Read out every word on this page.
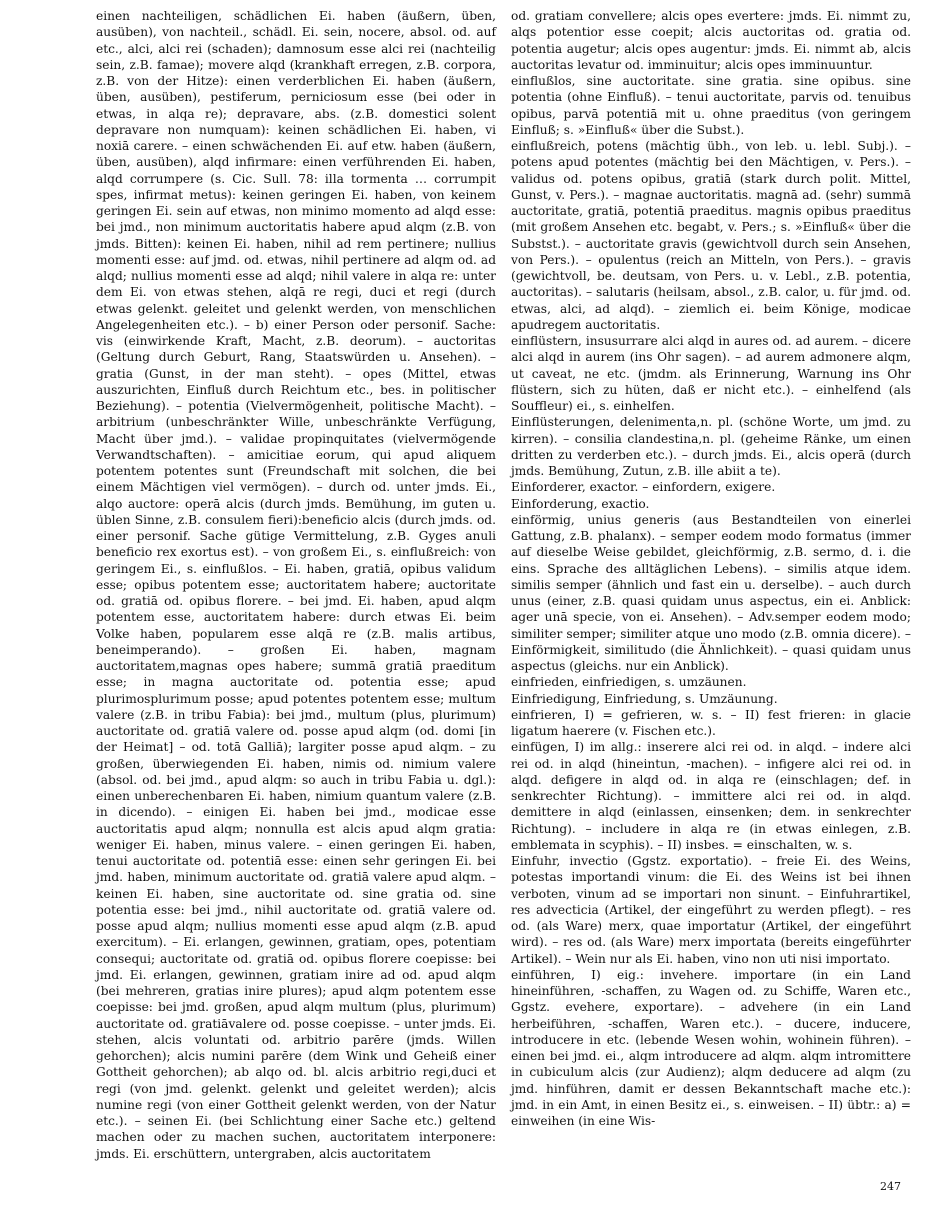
einen nachteiligen, schädlichen Ei. haben (äußern, üben, ausüben), von nachteil., schädl. Ei. sein, nocere, absol. od. auf etc., alci, alci rei (schaden); damnosum esse alci rei (nachteilig sein, z.B. famae); movere alqd (krankhaft erregen, z.B. corpora, z.B. von der Hitze): einen verderblichen Ei. haben (äußern, üben, ausüben), pestiferum, perniciosum esse (bei oder in etwas, in alqa re); depravare, abs. (z.B. domestici solent depravare non numquam): keinen schädlichen Ei. haben, vi noxiā carere. – einen schwächenden Ei. auf etw. haben (äußern, üben, ausüben), alqd infirmare: einen verführenden Ei. haben, alqd corrumpere (s. Cic. Sull. 78: illa tormenta … corrumpit spes, infirmat metus): keinen geringen Ei. haben, von keinem geringen Ei. sein auf etwas, non minimo momento ad alqd esse: bei jmd., non minimum auctoritatis habere apud alqm (z.B. von jmds. Bitten): keinen Ei. haben, nihil ad rem pertinere; nullius momenti esse: auf jmd. od. etwas, nihil pertinere ad alqm od. ad alqd; nullius momenti esse ad alqd; nihil valere in alqa re: unter dem Ei. von etwas stehen, alqā re regi, duci et regi (durch etwas gelenkt. geleitet und gelenkt werden, von menschlichen Angelegenheiten etc.). – b) einer Person oder personif. Sache: vis (einwirkende Kraft, Macht, z.B. deorum). – auctoritas (Geltung durch Geburt, Rang, Staatswürden u. Ansehen). – gratia (Gunst, in der man steht). – opes (Mittel, etwas auszurichten, Einfluß durch Reichtum etc., bes. in politischer Beziehung). – potentia (Vielvermögenheit, politische Macht). – arbitrium (unbeschränkter Wille, unbeschränkte Verfügung, Macht über jmd.). – validae propinquitates (vielvermögende Verwandtschaften). – amicitiae eorum, qui apud aliquem potentem potentes sunt (Freundschaft mit solchen, die bei einem Mächtigen viel vermögen). – durch od. unter jmds. Ei., alqo auctore: operā alcis (durch jmds. Bemühung, im guten u. üblen Sinne, z.B. consulem fieri):beneficio alcis (durch jmds. od. einer personif. Sache gütige Vermittelung, z.B. Gyges anuli beneficio rex exortus est). – von großem Ei., s. einflußreich: von geringem Ei., s. einflußlos. – Ei. haben, gratiā, opibus validum esse; opibus potentem esse; auctoritatem habere; auctoritate od. gratiā od. opibus florere. – bei jmd. Ei. haben, apud alqm potentem esse, auctoritatem habere: durch etwas Ei. beim Volke haben, popularem esse alqā re (z.B. malis artibus, beneimperando). – großen Ei. haben, magnam auctoritatem,magnas opes habere; summā gratiā praeditum esse; in magna auctoritate od. potentia esse; apud plurimosplurimum posse; apud potentes potentem esse; multum valere (z.B. in tribu Fabia): bei jmd., multum (plus, plurimum) auctoritate od. gratiā valere od. posse apud alqm (od. domi [in der Heimat] – od. totā Galliā); largiter posse apud alqm. – zu großen, überwiegenden Ei. haben, nimis od. nimium valere (absol. od. bei jmd., apud alqm: so auch in tribu Fabia u. dgl.): einen unberechenbaren Ei. haben, nimium quantum valere (z.B. in dicendo). – einigen Ei. haben bei jmd., modicae esse auctoritatis apud alqm; nonnulla est alcis apud alqm gratia: weniger Ei. haben, minus valere. – einen geringen Ei. haben, tenui auctoritate od. potentiā esse: einen sehr geringen Ei. bei jmd. haben, minimum auctoritate od. gratiā valere apud alqm. – keinen Ei. haben, sine auctoritate od. sine gratia od. sine potentia esse: bei jmd., nihil auctoritate od. gratiā valere od. posse apud alqm; nullius momenti esse apud alqm (z.B. apud exercitum). – Ei. erlangen, gewinnen, gratiam, opes, potentiam consequi; auctoritate od. gratiā od. opibus florere coepisse: bei jmd. Ei. erlangen, gewinnen, gratiam inire ad od. apud alqm (bei mehreren, gratias inire plures); apud alqm potentem esse coepisse: bei jmd. großen, apud alqm multum (plus, plurimum) auctoritate od. gratiāvalere od. posse coepisse. – unter jmds. Ei. stehen, alcis voluntati od. arbitrio parēre (jmds. Willen gehorchen); alcis numini parēre (dem Wink und Geheiß einer Gottheit gehorchen); ab alqo od. bl. alcis arbitrio regi,duci et regi (von jmd. gelenkt. gelenkt und geleitet werden); alcis numine regi (von einer Gottheit gelenkt werden, von der Natur etc.). – seinen Ei. (bei Schlichtung einer Sache etc.) geltend machen oder zu machen suchen, auctoritatem interponere: jmds. Ei. erschüttern, untergraben, alcis auctoritatem

od. gratiam convellere; alcis opes evertere: jmds. Ei. nimmt zu, alqs potentior esse coepit; alcis auctoritas od. gratia od. potentia augetur; alcis opes augentur: jmds. Ei. nimmt ab, alcis auctoritas levatur od. imminuitur; alcis opes imminuuntur.

einflußlos, sine auctoritate. sine gratia. sine opibus. sine potentia (ohne Einfluß). – tenui auctoritate, parvis od. tenuibus opibus, parvā potentiā mit u. ohne praeditus (von geringem Einfluß; s. »Einfluß« über die Subst.).

einflußreich, potens (mächtig übh., von leb. u. lebl. Subj.). – potens apud potentes (mächtig bei den Mächtigen, v. Pers.). – validus od. potens opibus, gratiā (stark durch polit. Mittel, Gunst, v. Pers.). – magnae auctoritatis. magnā ad. (sehr) summā auctoritate, gratiā, potentiā praeditus. magnis opibus praeditus (mit großem Ansehen etc. begabt, v. Pers.; s. »Einfluß« über die Substst.). – auctoritate gravis (gewichtvoll durch sein Ansehen, von Pers.). – opulentus (reich an Mitteln, von Pers.). – gravis (gewichtvoll, be. deutsam, von Pers. u. v. Lebl., z.B. potentia, auctoritas). – salutaris (heilsam, absol., z.B. calor, u. für jmd. od. etwas, alci, ad alqd). – ziemlich ei. beim Könige, modicae apudregem auctoritatis.

einflüstern, insusurrare alci alqd in aures od. ad aurem. – dicere alci alqd in aurem (ins Ohr sagen). – ad aurem admonere alqm, ut caveat, ne etc. (jmdm. als Erinnerung, Warnung ins Ohr flüstern, sich zu hüten, daß er nicht etc.). – einhelfend (als Souffleur) ei., s. einhelfen.

Einflüsterungen, delenimenta,n. pl. (schöne Worte, um jmd. zu kirren). – consilia clandestina,n. pl. (geheime Ränke, um einen dritten zu verderben etc.). – durch jmds. Ei., alcis operā (durch jmds. Bemühung, Zutun, z.B. ille abiit a te).

Einforderer, exactor. – einfordern, exigere.

Einforderung, exactio.

einförmig, unius generis (aus Bestandteilen von einerlei Gattung, z.B. phalanx). – semper eodem modo formatus (immer auf dieselbe Weise gebildet, gleichförmig, z.B. sermo, d. i. die eins. Sprache des alltäglichen Lebens). – similis atque idem. similis semper (ähnlich und fast ein u. derselbe). – auch durch unus (einer, z.B. quasi quidam unus aspectus, ein ei. Anblick: ager unā specie, von ei. Ansehen). – Adv.semper eodem modo; similiter semper; similiter atque uno modo (z.B. omnia dicere). – Einförmigkeit, similitudo (die Ähnlichkeit). – quasi quidam unus aspectus (gleichs. nur ein Anblick).

einfrieden, einfriedigen, s. umzäunen.

Einfriedigung, Einfriedung, s. Umzäunung.

einfrieren, I) = gefrieren, w. s. – II) fest frieren: in glacie ligatum haerere (v. Fischen etc.).

einfügen, I) im allg.: inserere alci rei od. in alqd. – indere alci rei od. in alqd (hineintun, -machen). – infigere alci rei od. in alqd. defigere in alqd od. in alqa re (einschlagen; def. in senkrechter Richtung). – immittere alci rei od. in alqd. demittere in alqd (einlassen, einsenken; dem. in senkrechter Richtung). – includere in alqa re (in etwas einlegen, z.B. emblemata in scyphis). – II) insbes. = einschalten, w. s.

Einfuhr, invectio (Ggstz. exportatio). – freie Ei. des Weins, potestas importandi vinum: die Ei. des Weins ist bei ihnen verboten, vinum ad se importari non sinunt. – Einfuhrartikel, res advecticia (Artikel, der eingeführt zu werden pflegt). – res od. (als Ware) merx, quae importatur (Artikel, der eingeführt wird). – res od. (als Ware) merx importata (bereits eingeführter Artikel). – Wein nur als Ei. haben, vino non uti nisi importato.

einführen, I) eig.: invehere. importare (in ein Land hineinführen, -schaffen, zu Wagen od. zu Schiffe, Waren etc., Ggstz. evehere, exportare). – advehere (in ein Land herbeiführen, -schaffen, Waren etc.). – ducere, inducere, introducere in etc. (lebende Wesen wohin, wohinein führen). – einen bei jmd. ei., alqm introducere ad alqm. alqm intromittere in cubiculum alcis (zur Audienz); alqm deducere ad alqm (zu jmd. hinführen, damit er dessen Bekanntschaft mache etc.): jmd. in ein Amt, in einen Besitz ei., s. einweisen. – II) übtr.: a) = einweihen (in eine Wis-

247
